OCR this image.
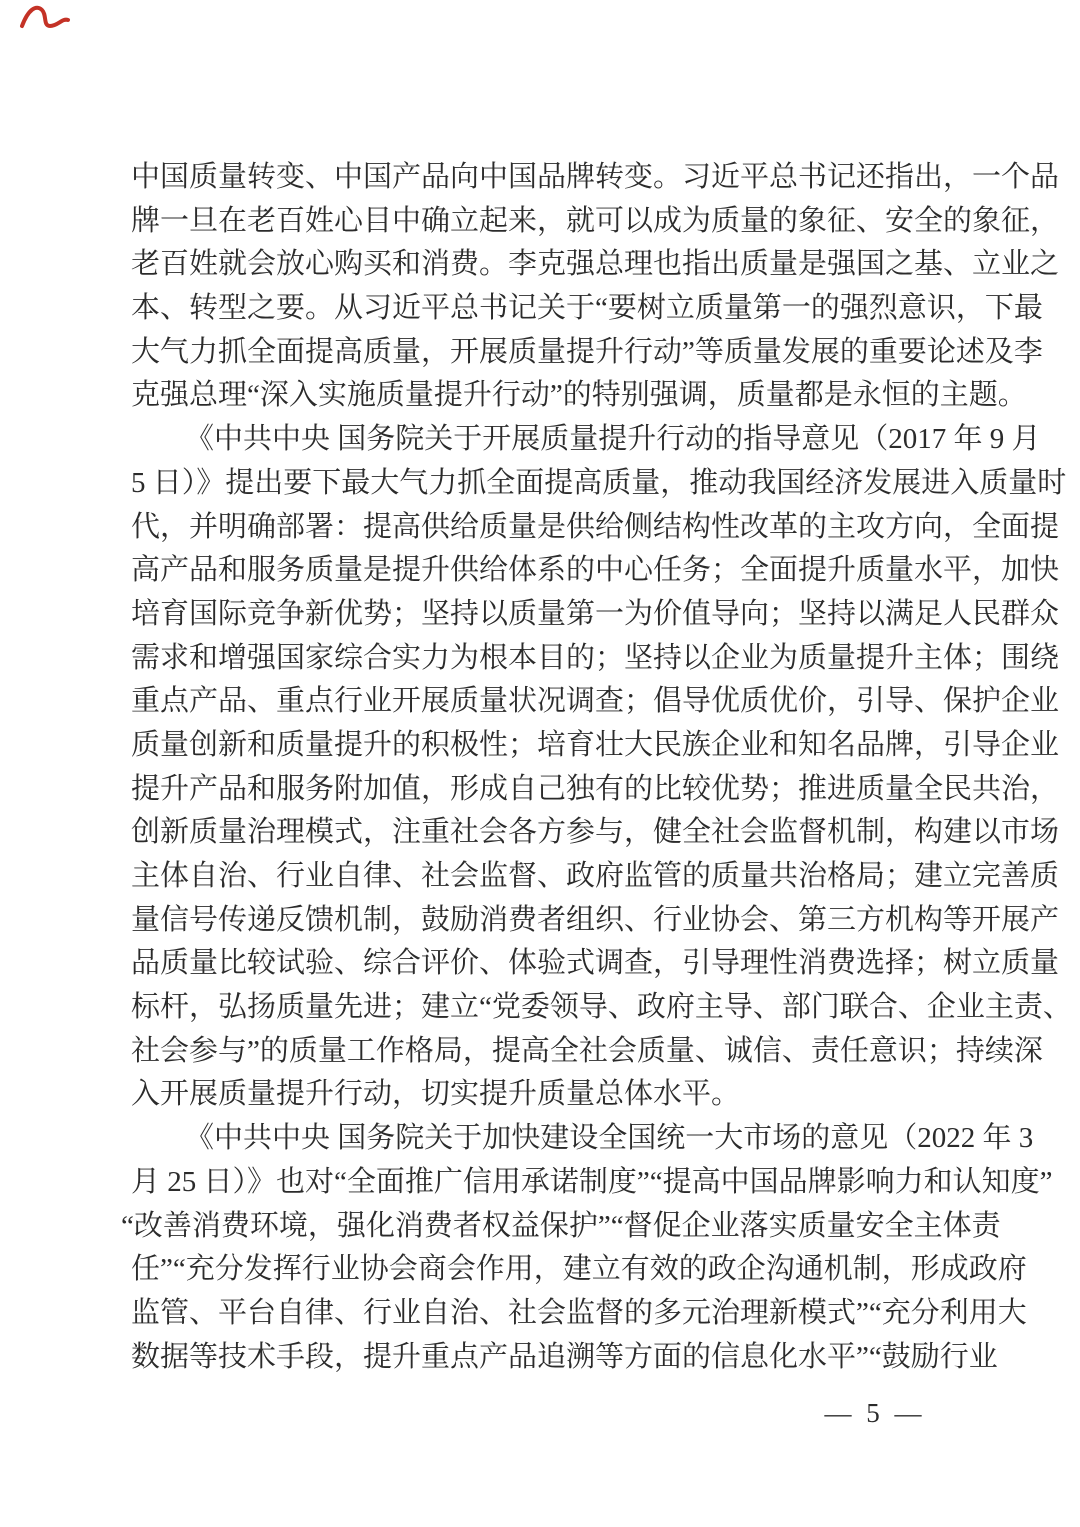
中国质量转变、中国产品向中国品牌转变。习近平总书记还指出，一个品
牌一旦在老百姓心目中确立起来，就可以成为质量的象征、安全的象征，
老百姓就会放心购买和消费。李克强总理也指出质量是强国之基、立业之
本、转型之要。从习近平总书记关于“要树立质量第一的强烈意识，下最
大气力抓全面提高质量，开展质量提升行动”等质量发展的重要论述及李
克强总理“深入实施质量提升行动”的特别强调，质量都是永恒的主题。
《中共中央 国务院关于开展质量提升行动的指导意见（2017 年 9 月
5 日）》提出要下最大气力抓全面提高质量，推动我国经济发展进入质量时
代，并明确部署：提高供给质量是供给侧结构性改革的主攻方向，全面提
高产品和服务质量是提升供给体系的中心任务；全面提升质量水平，加快
培育国际竞争新优势；坚持以质量第一为价值导向；坚持以满足人民群众
需求和增强国家综合实力为根本目的；坚持以企业为质量提升主体；围绕
重点产品、重点行业开展质量状况调查；倡导优质优价，引导、保护企业
质量创新和质量提升的积极性；培育壮大民族企业和知名品牌，引导企业
提升产品和服务附加值，形成自己独有的比较优势；推进质量全民共治，
创新质量治理模式，注重社会各方参与，健全社会监督机制，构建以市场
主体自治、行业自律、社会监督、政府监管的质量共治格局；建立完善质
量信号传递反馈机制，鼓励消费者组织、行业协会、第三方机构等开展产
品质量比较试验、综合评价、体验式调查，引导理性消费选择；树立质量
标杆，弘扬质量先进；建立“党委领导、政府主导、部门联合、企业主责、
社会参与”的质量工作格局，提高全社会质量、诚信、责任意识；持续深
入开展质量提升行动，切实提升质量总体水平。
《中共中央 国务院关于加快建设全国统一大市场的意见（2022 年 3
月 25 日）》也对“全面推广信用承诺制度”“提高中国品牌影响力和认知度”
“改善消费环境，强化消费者权益保护”“督促企业落实质量安全主体责
任”“充分发挥行业协会商会作用，建立有效的政企沟通机制，形成政府
监管、平台自律、行业自治、社会监督的多元治理新模式”“充分利用大
数据等技术手段，提升重点产品追溯等方面的信息化水平”“鼓励行业
— 5 —
